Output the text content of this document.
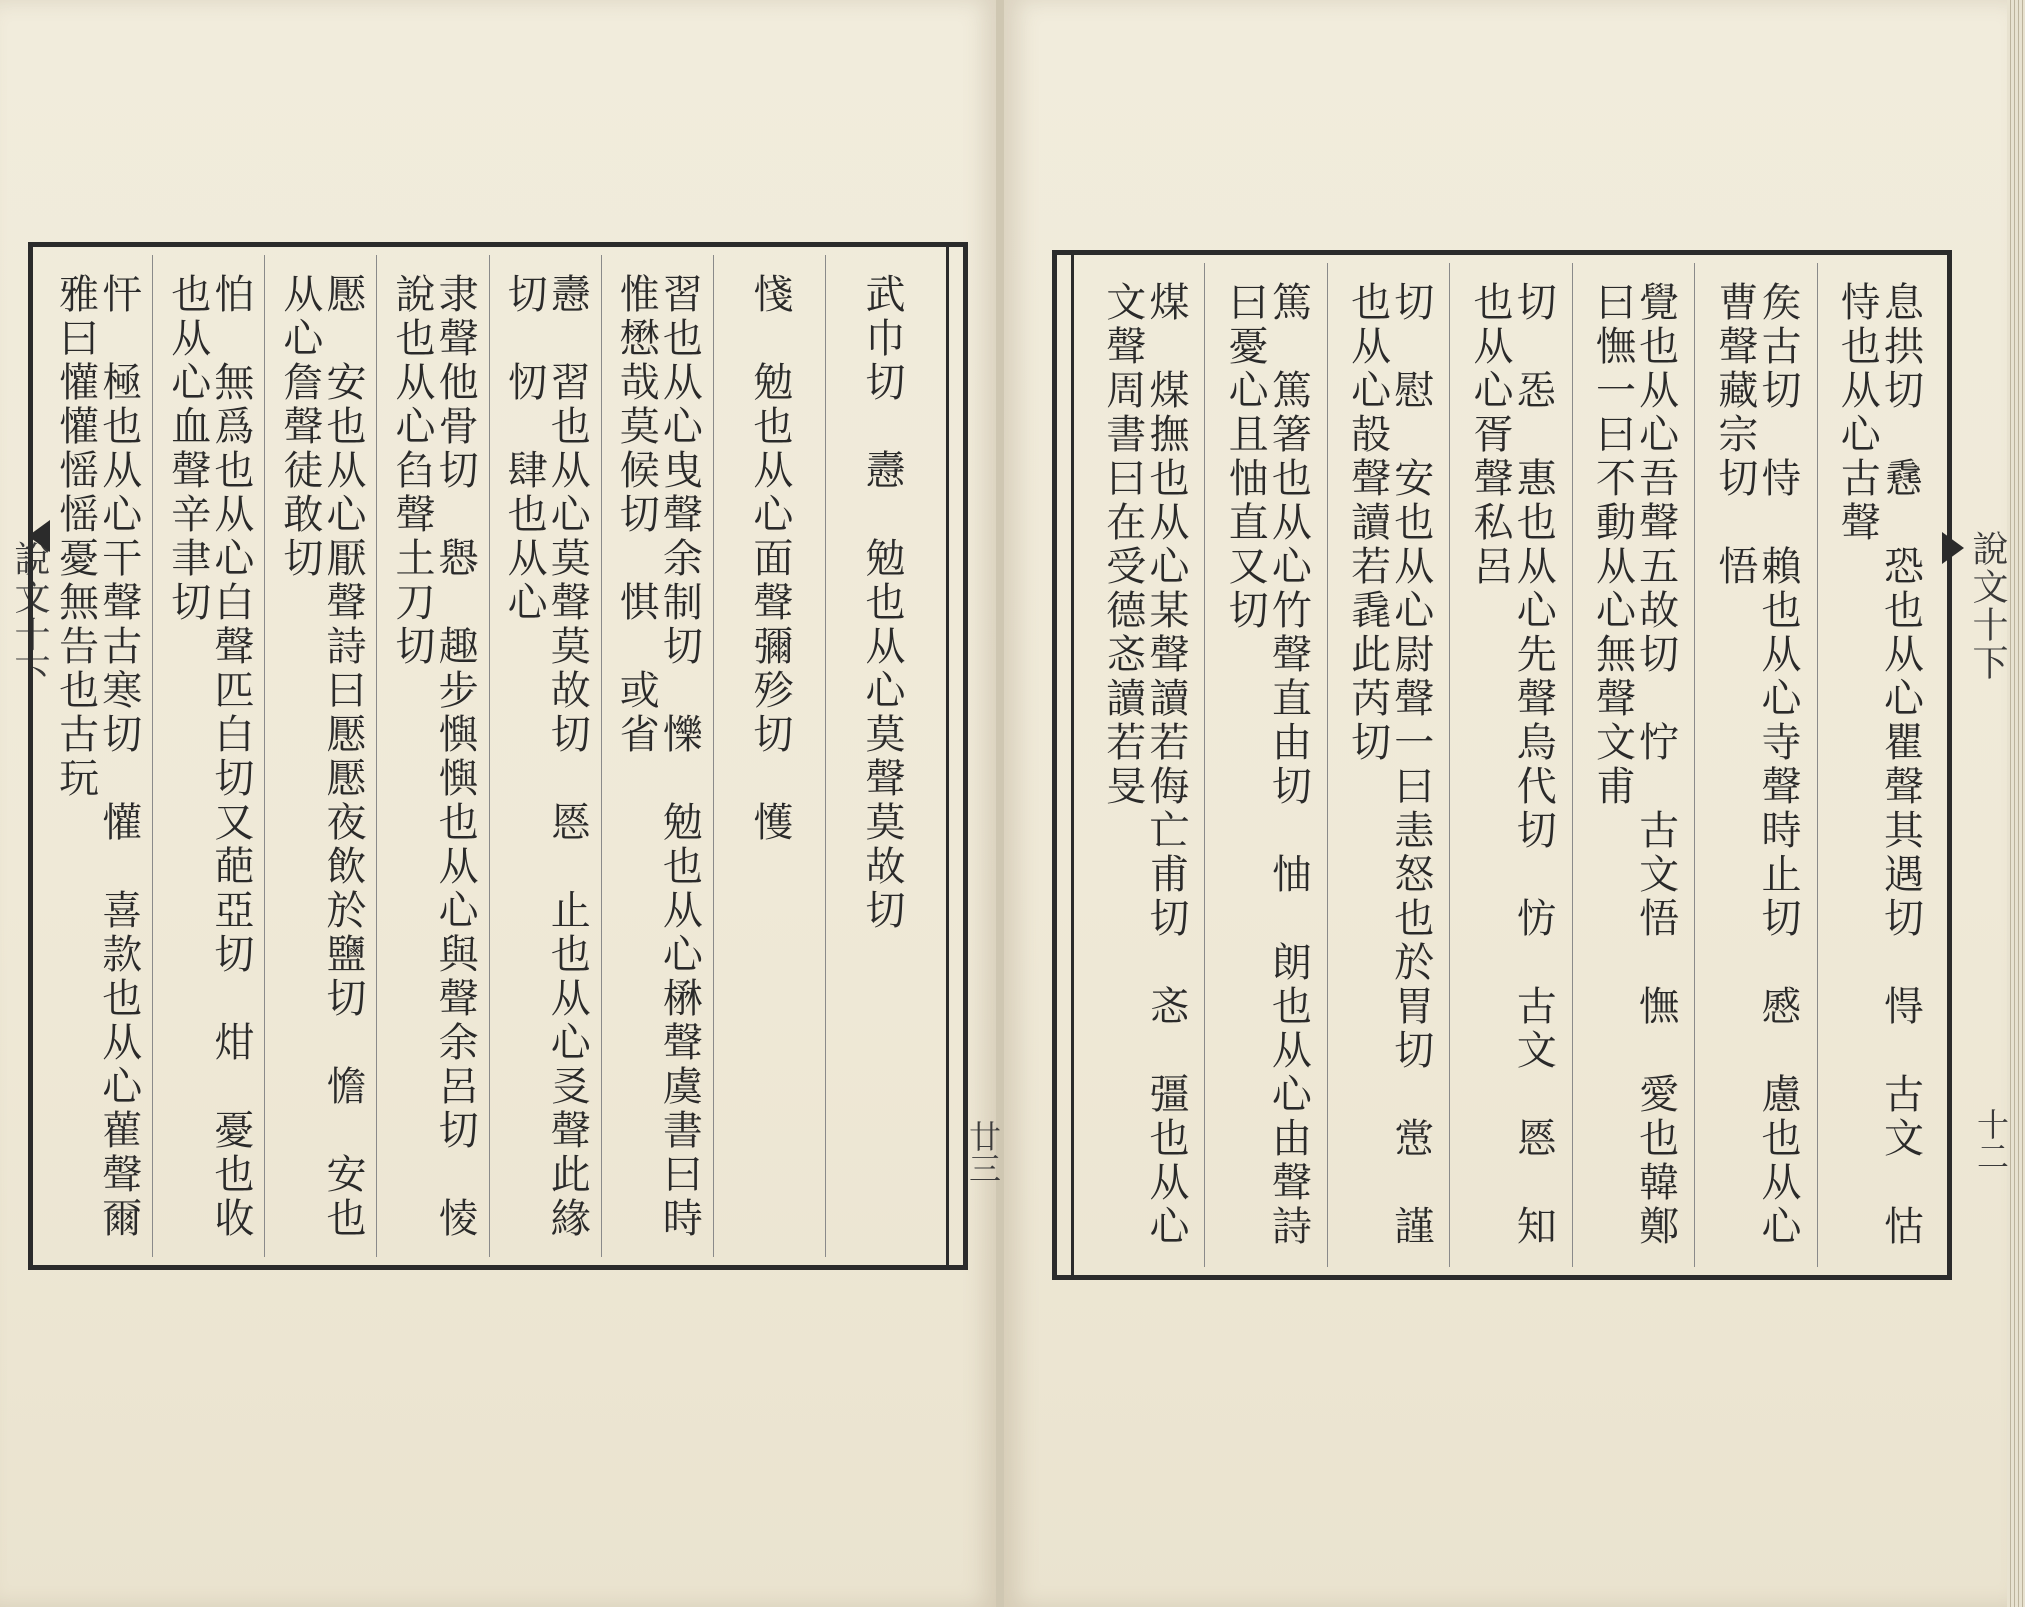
說文十下
廿三
武巾切　㦞　勉也从心莫聲莫故切
㥇　勉也从心面聲彌殄切　㦜
習也从心曳聲余制切　㦡　勉也从心楙聲虞書曰時惟懋哉莫候切　㥍　或省
㦞　習也从心莫聲莫故切　㥦　止也从心㕛聲此緣切　㣼　肆也从心
隶聲他骨切　㦛　趣步懙懙也从心與聲余呂切　㥄　說也从心臽聲土刀切
懕　安也从心厭聲詩曰懕懕夜飲於鹽切　憺　安也从心詹聲徒敢切
怕　無爲也从心白聲匹白切又葩亞切　㶰　憂也收也从心血聲辛聿切
忓　極也从心干聲古寒切　懽　喜款也从心雚聲爾雅曰懽懽愮愮憂無告也古玩	息拱切　㦌　恐也从心瞿聲其遇切　㥂　古文　怙　恃也从心古聲
矦古切　恃　賴也从心寺聲時止切　㥻　慮也从心曹聲藏宗切　悟
覺也从心吾聲五故切　㤖　古文悟　憮　愛也韓鄭曰憮一曰不動从心無聲文甫
切　㤅　惠也从心先聲烏代切　㤃　古文　㥦　知也从心胥聲私呂
切　慰　安也从心尉聲一曰恚怒也於胃切　㦂　謹也从心㱿聲讀若毳此芮切
篤　篤箸也从心竹聲直由切　怞　朗也从心由聲詩曰憂心且怞直又切
煤　煤撫也从心某聲讀若侮亡甫切　忞　彊也从心文聲周書曰在受德忞讀若旻	說文十下
十二
